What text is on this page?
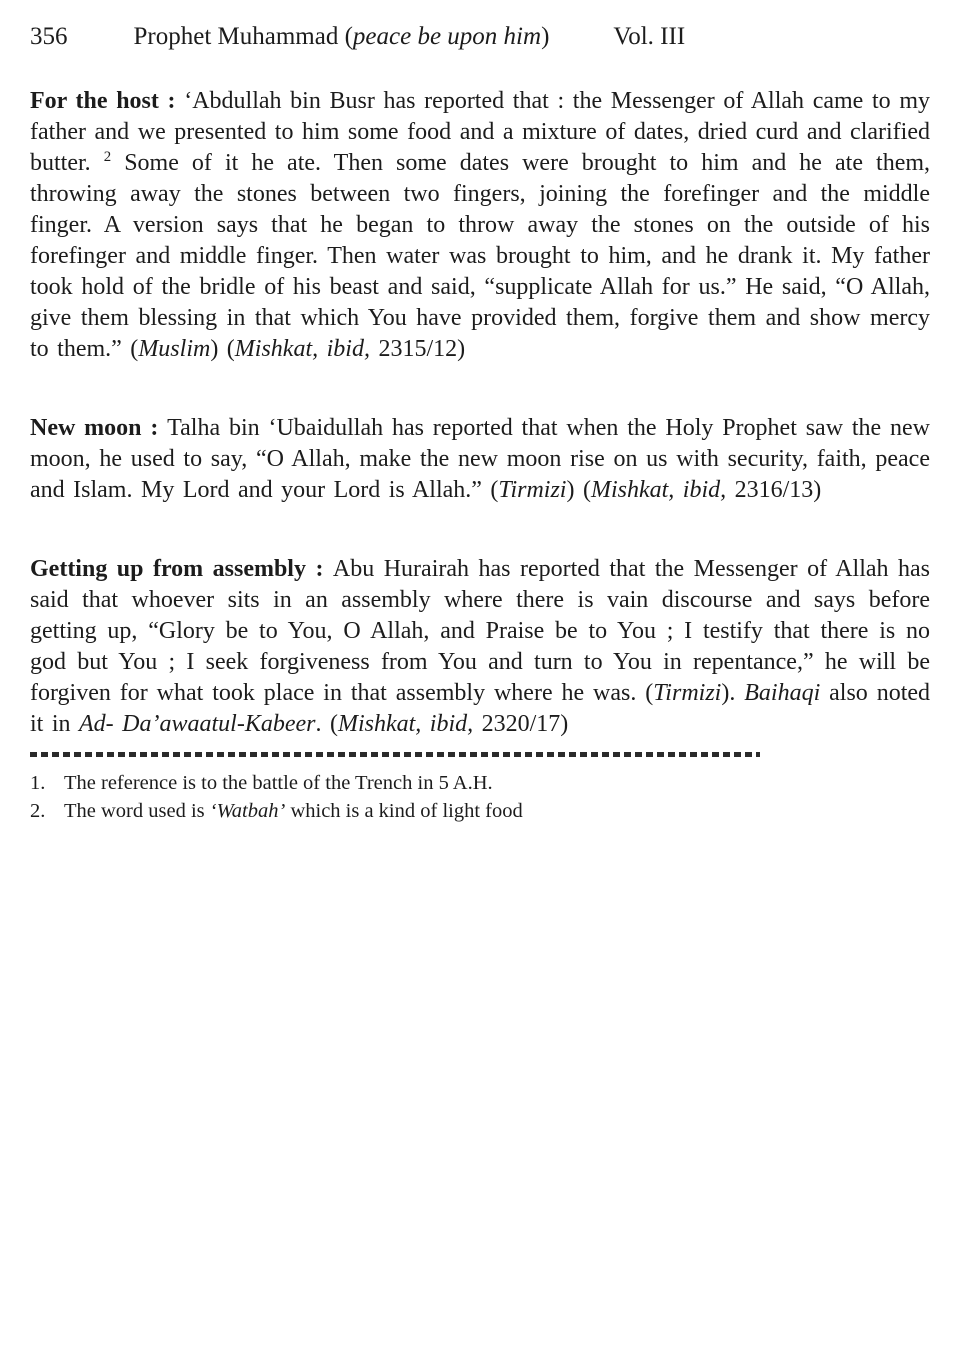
356	Prophet Muhammad (peace be upon him)	Vol. III

For the host : ‘Abdullah bin Busr has reported that : the Messenger of Allah came to my father and we presented to him some food and a mixture of dates, dried curd and clarified butter. $^2$ Some of it he ate. Then some dates were brought to him and he ate them, throwing away the stones between two fingers, joining the forefinger and the middle finger. A version says that he began to throw away the stones on the outside of his forefinger and middle finger. Then water was brought to him, and he drank it. My father took hold of the bridle of his beast and said, “supplicate Allah for us.” He said, “O Allah, give them blessing in that which You have provided them, forgive them and show mercy to them.” (Muslim) (Mishkat, ibid, 2315/12)

New moon : Talha bin ‘Ubaidullah has reported that when the Holy Prophet saw the new moon, he used to say, “O Allah, make the new moon rise on us with security, faith, peace and Islam. My Lord and your Lord is Allah.” (Tirmizi) (Mishkat, ibid, 2316/13)

Getting up from assembly : Abu Hurairah has reported that the Messenger of Allah has said that whoever sits in an assembly where there is vain discourse and says before getting up, “Glory be to You, O Allah, and Praise be to You ; I testify that there is no god but You ; I seek forgiveness from You and turn to You in repentance,” he will be forgiven for what took place in that assembly where he was. (Tirmizi). Baihaqi also noted it in Ad- Da’awaatul-Kabeer. (Mishkat, ibid, 2320/17)

1. The reference is to the battle of the Trench in 5 A.H.
2. The word used is ‘Watbah’ which is a kind of light food
